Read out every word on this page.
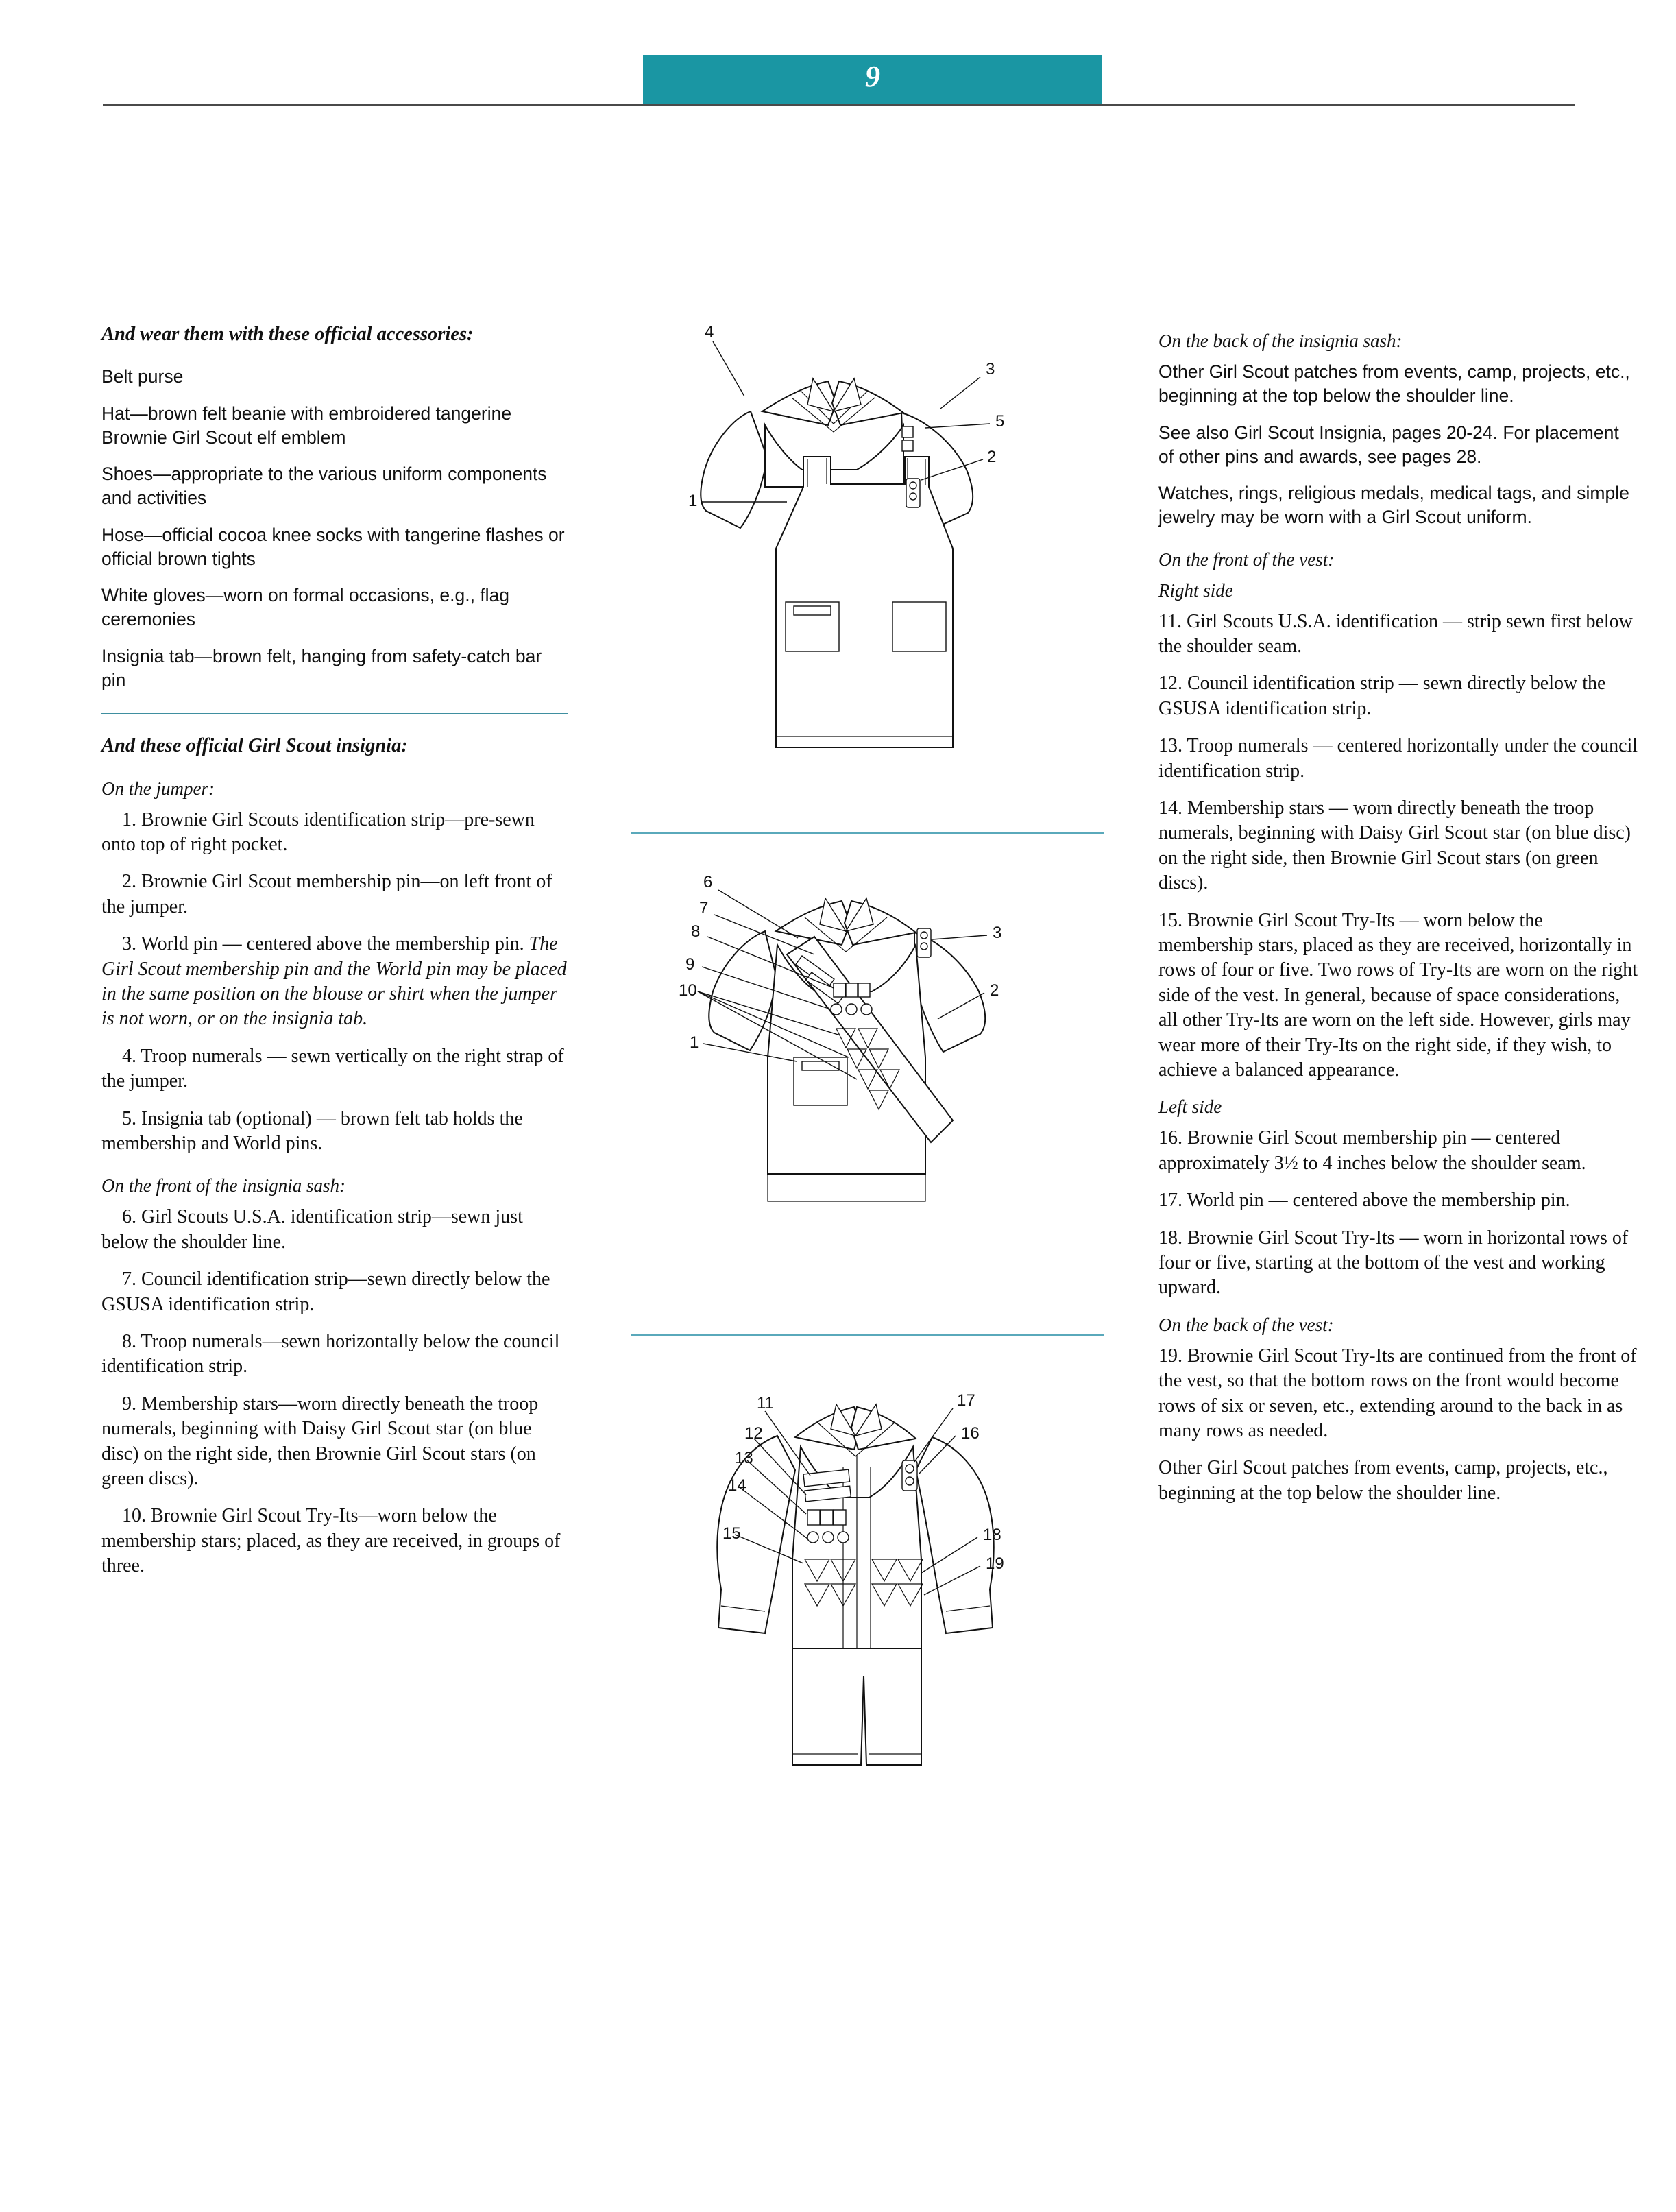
9
And wear them with these official accessories:

Belt purse

Hat—brown felt beanie with embroidered tangerine Brownie Girl Scout elf emblem

Shoes—appropriate to the various uniform components and activities

Hose—official cocoa knee socks with tangerine flashes or official brown tights

White gloves—worn on formal occasions, e.g., flag ceremonies

Insignia tab—brown felt, hanging from safety-catch bar pin

And these official Girl Scout insignia:
On the jumper:

1. Brownie Girl Scouts identification strip—pre-sewn onto top of right pocket.

2. Brownie Girl Scout membership pin—on left front of the jumper.

3. World pin — centered above the membership pin. The Girl Scout membership pin and the World pin may be placed in the same position on the blouse or shirt when the jumper is not worn, or on the insignia tab.

4. Troop numerals — sewn vertically on the right strap of the jumper.

5. Insignia tab (optional) — brown felt tab holds the membership and World pins.

On the front of the insignia sash:

6. Girl Scouts U.S.A. identification strip—sewn just below the shoulder line.

7. Council identification strip—sewn directly below the GSUSA identification strip.

8. Troop numerals—sewn horizontally below the council identification strip.

9. Membership stars—worn directly beneath the troop numerals, beginning with Daisy Girl Scout star (on blue disc) on the right side, then Brownie Girl Scout stars (on green discs).

10. Brownie Girl Scout Try-Its—worn below the membership stars; placed, as they are received, in groups of three.

4
3
5
2
1
6
7
8
9
10
3
2
1
11
12
13
14
15
17
16
18
19
On the back of the insignia sash:

Other Girl Scout patches from events, camp, projects, etc., beginning at the top below the shoulder line.

See also Girl Scout Insignia, pages 20-24. For placement of other pins and awards, see pages 28.

Watches, rings, religious medals, medical tags, and simple jewelry may be worn with a Girl Scout uniform.

On the front of the vest:
Right side

11. Girl Scouts U.S.A. identification — strip sewn first below the shoulder seam.

12. Council identification strip — sewn directly below the GSUSA identification strip.

13. Troop numerals — centered horizontally under the council identification strip.

14. Membership stars — worn directly beneath the troop numerals, beginning with Daisy Girl Scout star (on blue disc) on the right side, then Brownie Girl Scout stars (on green discs).

15. Brownie Girl Scout Try-Its — worn below the membership stars, placed as they are received, horizontally in rows of four or five. Two rows of Try-Its are worn on the right side of the vest. In general, because of space considerations, all other Try-Its are worn on the left side. However, girls may wear more of their Try-Its on the right side, if they wish, to achieve a balanced appearance.

Left side

16. Brownie Girl Scout membership pin — centered approximately 3½ to 4 inches below the shoulder seam.

17. World pin — centered above the membership pin.

18. Brownie Girl Scout Try-Its — worn in horizontal rows of four or five, starting at the bottom of the vest and working upward.

On the back of the vest:

19. Brownie Girl Scout Try-Its are continued from the front of the vest, so that the bottom rows on the front would become rows of six or seven, etc., extending around to the back in as many rows as needed.

Other Girl Scout patches from events, camp, projects, etc., beginning at the top below the shoulder line.
